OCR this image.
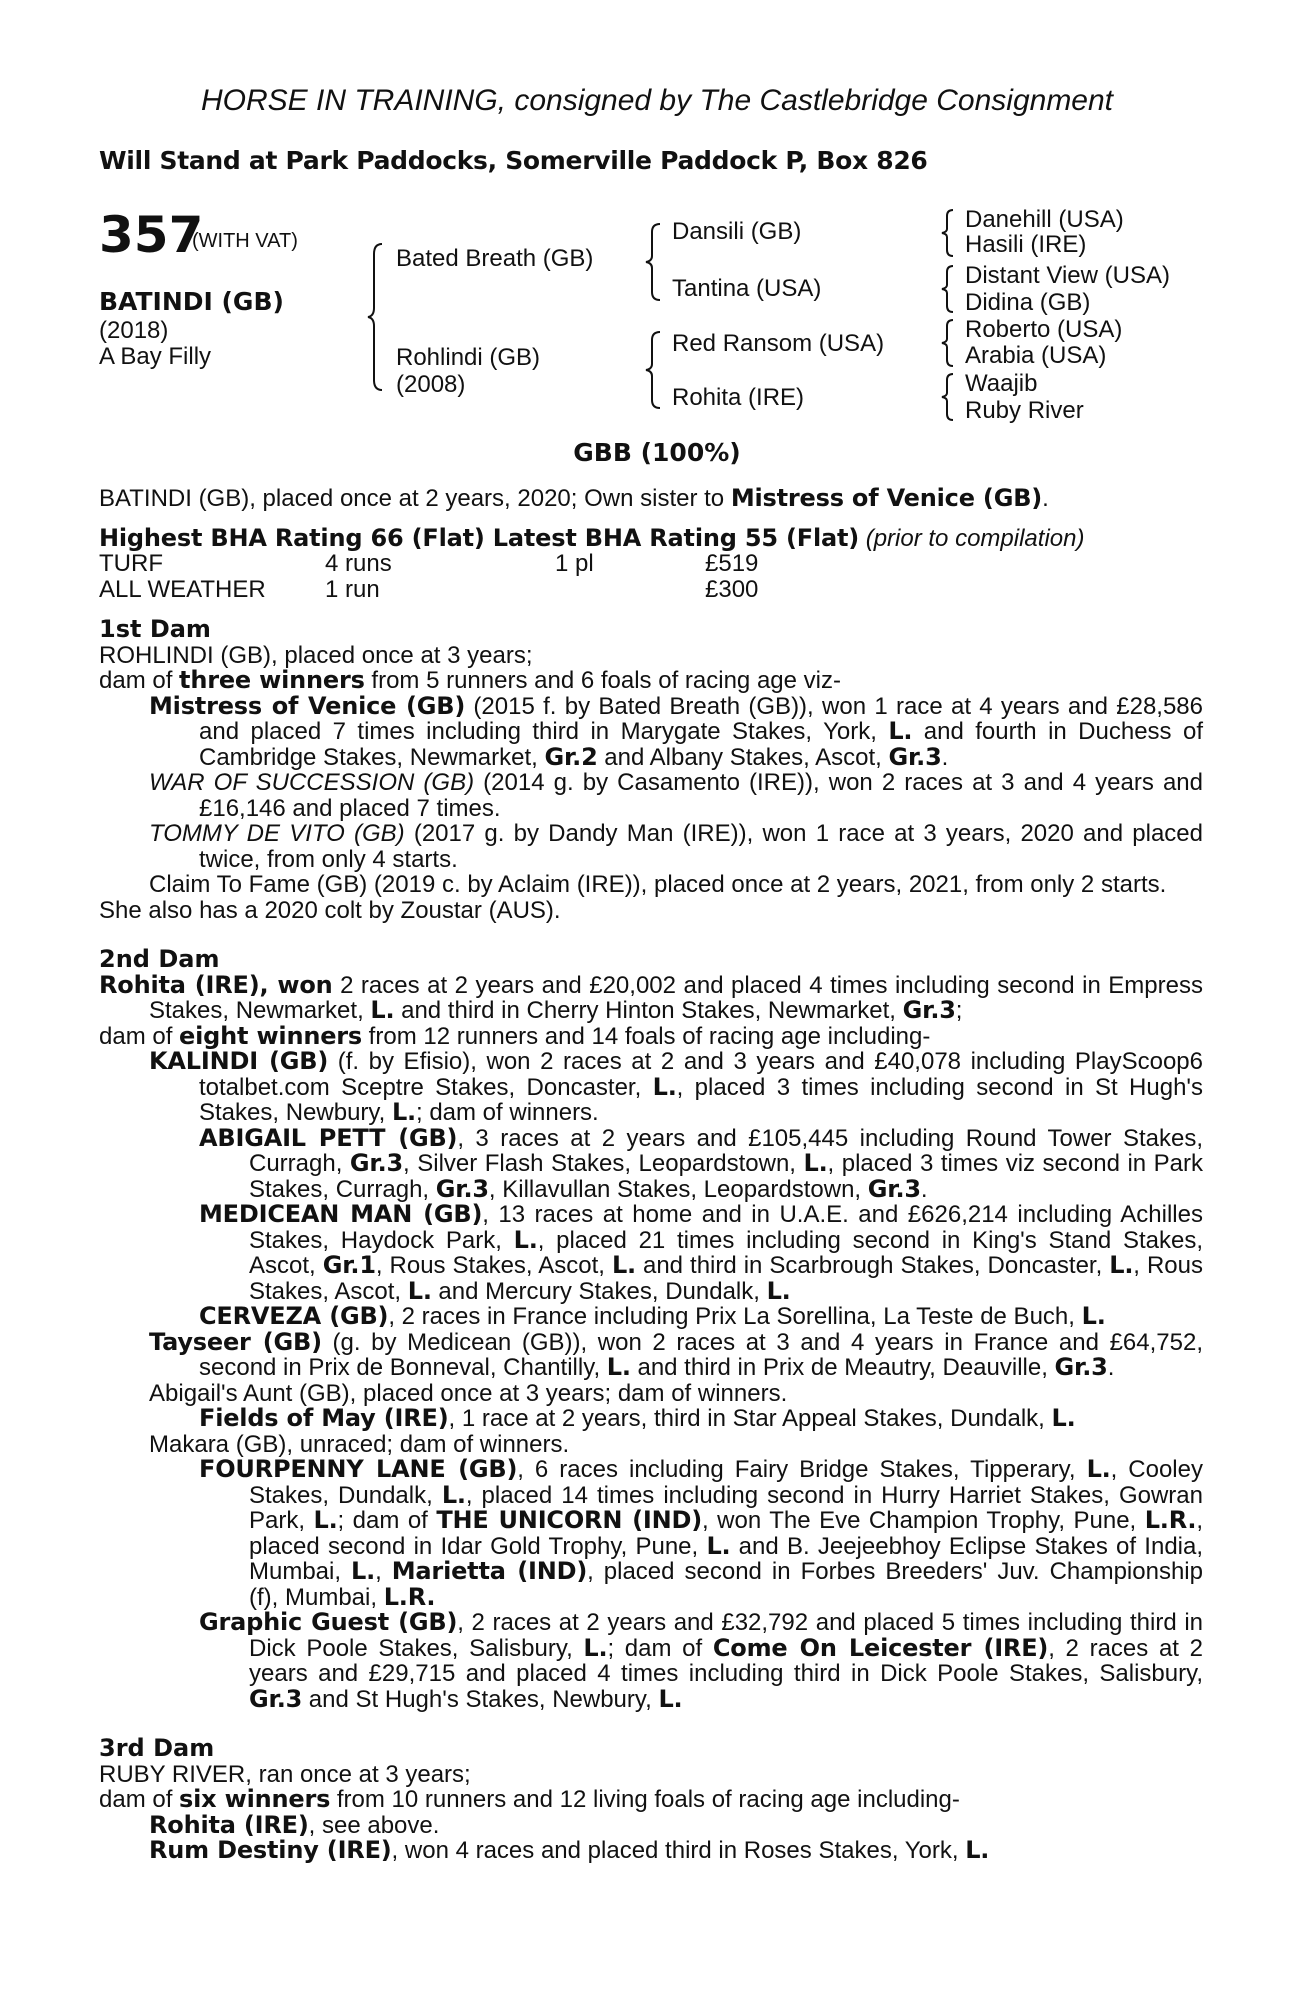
HORSE IN TRAINING, consigned by The Castlebridge Consignment
Will Stand at Park Paddocks, Somerville Paddock P, Box 826
357
(WITH VAT)
BATINDI (GB)
(2018)
A Bay Filly
Bated Breath (GB)
Rohlindi (GB)
(2008)
Dansili (GB)
Tantina (USA)
Red Ransom (USA)
Rohita (IRE)
Danehill (USA)
Hasili (IRE)
Distant View (USA)
Didina (GB)
Roberto (USA)
Arabia (USA)
Waajib
Ruby River
GBB (100%)

BATINDI (GB), placed once at 2 years, 2020; Own sister to Mistress of Venice (GB).

Highest BHA Rating 66 (Flat) Latest BHA Rating 55 (Flat) (prior to compilation)

TURF	4 runs	1 pl	£519
ALL WEATHER 1 run	£300

1st Dam

ROHLINDI (GB), placed once at 3 years;

dam of three winners from 5 runners and 6 foals of racing age viz-

Mistress of Venice (GB) (2015 f. by Bated Breath (GB)), won 1 race at 4 years and £28,586 and placed 7 times including third in Marygate Stakes, York, L. and fourth in Duchess of Cambridge Stakes, Newmarket, Gr.2 and Albany Stakes, Ascot, Gr.3.

WAR OF SUCCESSION (GB) (2014 g. by Casamento (IRE)), won 2 races at 3 and 4 years and £16,146 and placed 7 times.

TOMMY DE VITO (GB) (2017 g. by Dandy Man (IRE)), won 1 race at 3 years, 2020 and placed twice, from only 4 starts.

Claim To Fame (GB) (2019 c. by Aclaim (IRE)), placed once at 2 years, 2021, from only 2 starts.

She also has a 2020 colt by Zoustar (AUS).

2nd Dam

Rohita (IRE), won 2 races at 2 years and £20,002 and placed 4 times including second in Empress Stakes, Newmarket, L. and third in Cherry Hinton Stakes, Newmarket, Gr.3;

dam of eight winners from 12 runners and 14 foals of racing age including-

KALINDI (GB) (f. by Efisio), won 2 races at 2 and 3 years and £40,078 including PlayScoop6 totalbet.com Sceptre Stakes, Doncaster, L., placed 3 times including second in St Hugh's Stakes, Newbury, L.; dam of winners.

ABIGAIL PETT (GB), 3 races at 2 years and £105,445 including Round Tower Stakes, Curragh, Gr.3, Silver Flash Stakes, Leopardstown, L., placed 3 times viz second in Park Stakes, Curragh, Gr.3, Killavullan Stakes, Leopardstown, Gr.3.

MEDICEAN MAN (GB), 13 races at home and in U.A.E. and £626,214 including Achilles Stakes, Haydock Park, L., placed 21 times including second in King's Stand Stakes, Ascot, Gr.1, Rous Stakes, Ascot, L. and third in Scarbrough Stakes, Doncaster, L., Rous Stakes, Ascot, L. and Mercury Stakes, Dundalk, L.

CERVEZA (GB), 2 races in France including Prix La Sorellina, La Teste de Buch, L.

Tayseer (GB) (g. by Medicean (GB)), won 2 races at 3 and 4 years in France and £64,752, second in Prix de Bonneval, Chantilly, L. and third in Prix de Meautry, Deauville, Gr.3.

Abigail's Aunt (GB), placed once at 3 years; dam of winners.

Fields of May (IRE), 1 race at 2 years, third in Star Appeal Stakes, Dundalk, L.

Makara (GB), unraced; dam of winners.

FOURPENNY LANE (GB), 6 races including Fairy Bridge Stakes, Tipperary, L., Cooley Stakes, Dundalk, L., placed 14 times including second in Hurry Harriet Stakes, Gowran Park, L.; dam of THE UNICORN (IND), won The Eve Champion Trophy, Pune, L.R., placed second in Idar Gold Trophy, Pune, L. and B. Jeejeebhoy Eclipse Stakes of India, Mumbai, L., Marietta (IND), placed second in Forbes Breeders' Juv. Championship (f), Mumbai, L.R.

Graphic Guest (GB), 2 races at 2 years and £32,792 and placed 5 times including third in Dick Poole Stakes, Salisbury, L.; dam of Come On Leicester (IRE), 2 races at 2 years and £29,715 and placed 4 times including third in Dick Poole Stakes, Salisbury, Gr.3 and St Hugh's Stakes, Newbury, L.

3rd Dam

RUBY RIVER, ran once at 3 years;

dam of six winners from 10 runners and 12 living foals of racing age including-

Rohita (IRE), see above.

Rum Destiny (IRE), won 4 races and placed third in Roses Stakes, York, L.
